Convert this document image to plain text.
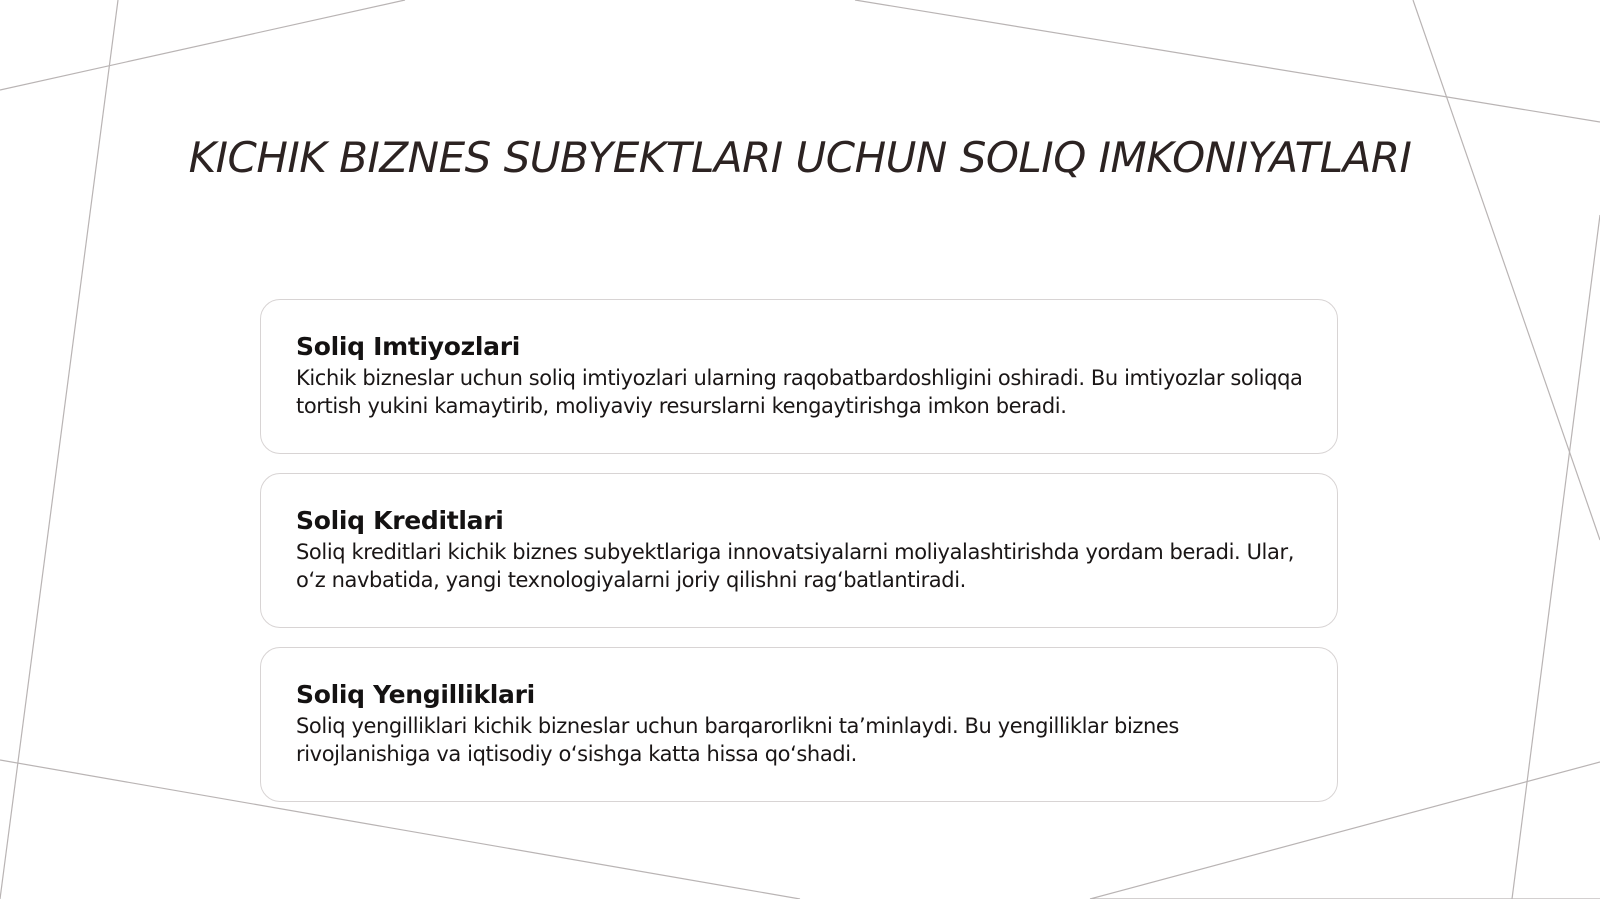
KICHIK BIZNES SUBYEKTLARI UCHUN SOLIQ IMKONIYATLARI
Soliq Imtiyozlari

Kichik bizneslar uchun soliq imtiyozlari ularning raqobatbardoshligini oshiradi. Bu imtiyozlar soliqqa tortish yukini kamaytirib, moliyaviy resurslarni kengaytirishga imkon beradi.

Soliq Kreditlari

Soliq kreditlari kichik biznes subyektlariga innovatsiyalarni moliyalashtirishda yordam beradi. Ular, o‘z navbatida, yangi texnologiyalarni joriy qilishni rag‘batlantiradi.

Soliq Yengilliklari

Soliq yengilliklari kichik bizneslar uchun barqarorlikni ta’minlaydi. Bu yengilliklar biznes rivojlanishiga va iqtisodiy o‘sishga katta hissa qo‘shadi.
